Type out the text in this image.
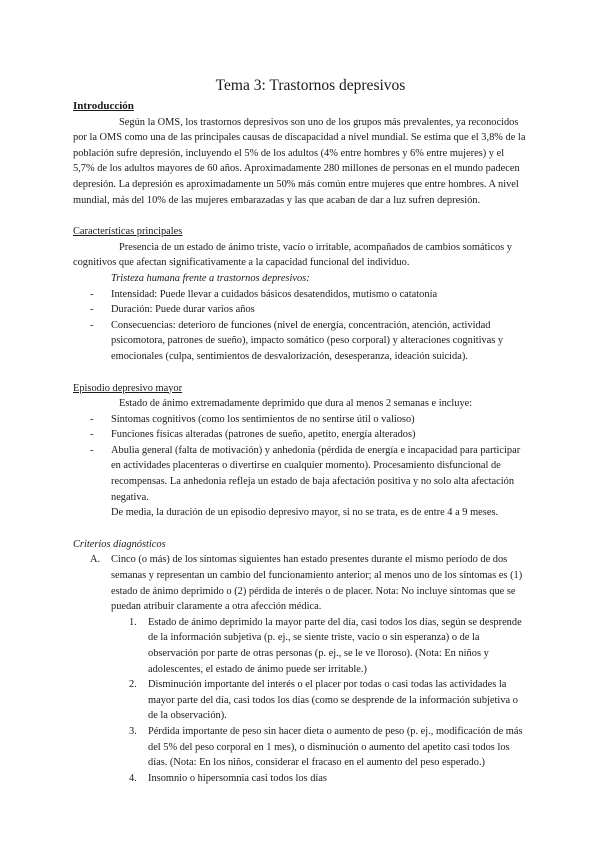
Tema 3: Trastornos depresivos

Introducción

Según la OMS, los trastornos depresivos son uno de los grupos más prevalentes, ya reconocidos por la OMS como una de las principales causas de discapacidad a nivel mundial. Se estima que el 3,8% de la población sufre depresión, incluyendo el 5% de los adultos (4% entre hombres y 6% entre mujeres) y el 5,7% de los adultos mayores de 60 años. Aproximadamente 280 millones de personas en el mundo padecen depresión. La depresión es aproximadamente un 50% más común entre mujeres que entre hombres. A nivel mundial, más del 10% de las mujeres embarazadas y las que acaban de dar a luz sufren depresión.

Características principales

Presencia de un estado de ánimo triste, vacío o irritable, acompañados de cambios somáticos y cognitivos que afectan significativamente a la capacidad funcional del individuo.

Tristeza humana frente a trastornos depresivos:

- Intensidad: Puede llevar a cuidados básicos desatendidos, mutismo o catatonía
- Duración: Puede durar varios años
- Consecuencias: deterioro de funciones (nivel de energía, concentración, atención, actividad psicomotora, patrones de sueño), impacto somático (peso corporal) y alteraciones cognitivas y emocionales (culpa, sentimientos de desvalorización, desesperanza, ideación suicida).

Episodio depresivo mayor

Estado de ánimo extremadamente deprimido que dura al menos 2 semanas e incluye:

- Síntomas cognitivos (como los sentimientos de no sentirse útil o valioso)
- Funciones físicas alteradas (patrones de sueño, apetito, energía alterados)
- Abulia general (falta de motivación) y anhedonia (pérdida de energía e incapacidad para participar en actividades placenteras o divertirse en cualquier momento). Procesamiento disfuncional de recompensas. La anhedonia refleja un estado de baja afectación positiva y no solo alta afectación negativa.

De media, la duración de un episodio depresivo mayor, si no se trata, es de entre 4 a 9 meses.

Criterios diagnósticos

A. Cinco (o más) de los síntomas siguientes han estado presentes durante el mismo período de dos semanas y representan un cambio del funcionamiento anterior; al menos uno de los síntomas es (1) estado de ánimo deprimido o (2) pérdida de interés o de placer. Nota: No incluye síntomas que se puedan atribuir claramente a otra afección médica.
1. Estado de ánimo deprimido la mayor parte del día, casi todos los días, según se desprende de la información subjetiva (p. ej., se siente triste, vacío o sin esperanza) o de la observación por parte de otras personas (p. ej., se le ve lloroso). (Nota: En niños y adolescentes, el estado de ánimo puede ser irritable.)
2. Disminución importante del interés o el placer por todas o casi todas las actividades la mayor parte del día, casi todos los días (como se desprende de la información subjetiva o de la observación).
3. Pérdida importante de peso sin hacer dieta o aumento de peso (p. ej., modificación de más del 5% del peso corporal en 1 mes), o disminución o aumento del apetito casi todos los días. (Nota: En los niños, considerar el fracaso en el aumento del peso esperado.)
4. Insomnio o hipersomnia casi todos los días
